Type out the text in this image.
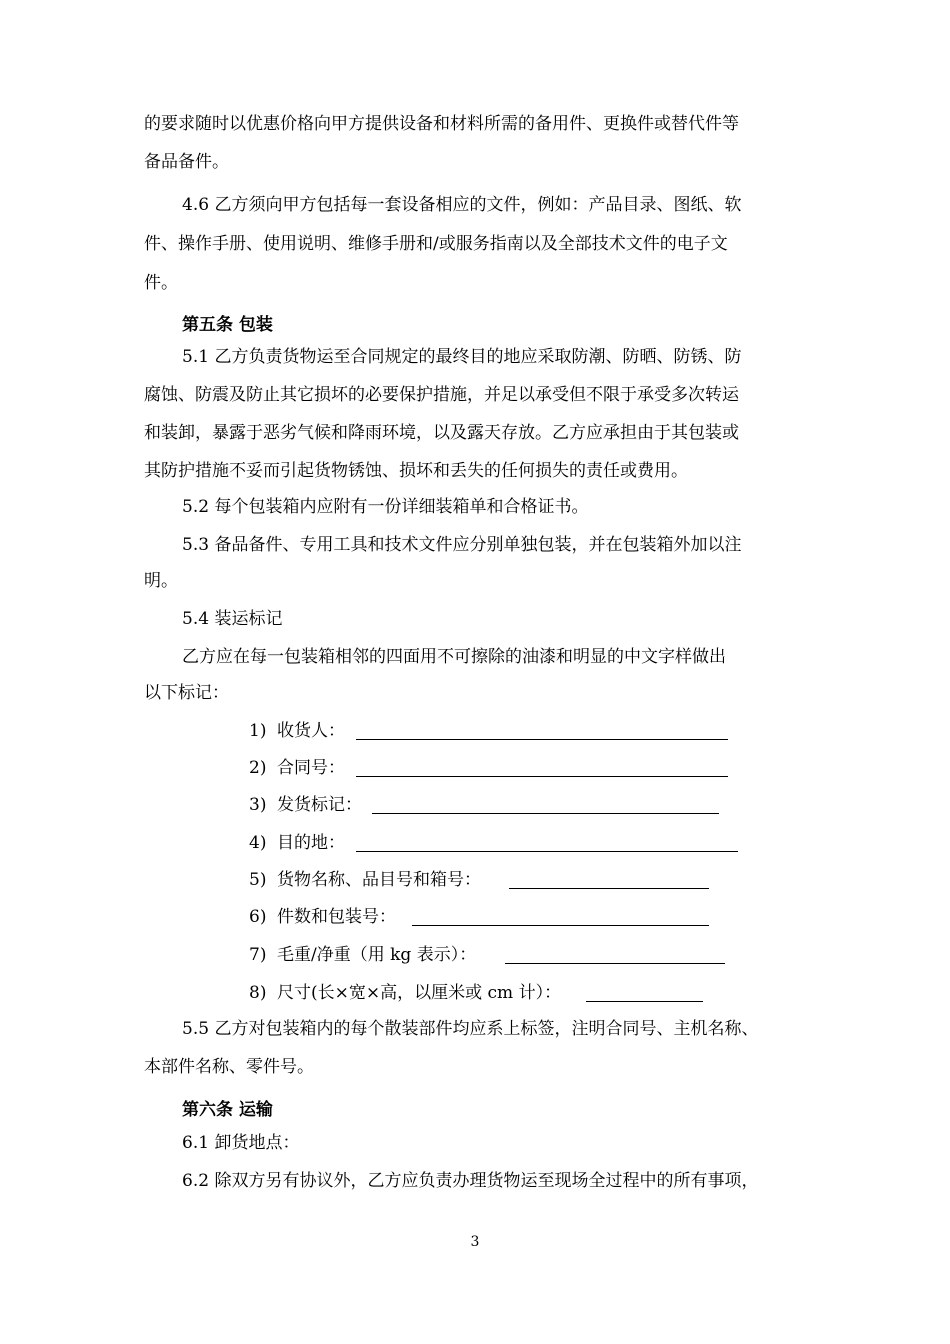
的要求随时以优惠价格向甲方提供设备和材料所需的备用件、更换件或替代件等
备品备件。
4.6 乙方须向甲方包括每一套设备相应的文件，例如：产品目录、图纸、软
件、操作手册、使用说明、维修手册和/或服务指南以及全部技术文件的电子文
件。
第五条 包装
5.1 乙方负责货物运至合同规定的最终目的地应采取防潮、防晒、防锈、防
腐蚀、防震及防止其它损坏的必要保护措施，并足以承受但不限于承受多次转运
和装卸，暴露于恶劣气候和降雨环境，以及露天存放。乙方应承担由于其包装或
其防护措施不妥而引起货物锈蚀、损坏和丢失的任何损失的责任或费用。
5.2 每个包装箱内应附有一份详细装箱单和合格证书。
5.3 备品备件、专用工具和技术文件应分别单独包装，并在包装箱外加以注
明。
5.4 装运标记
乙方应在每一包装箱相邻的四面用不可擦除的油漆和明显的中文字样做出
以下标记：
1) 收货人：
2) 合同号：
3) 发货标记：
4) 目的地：
5) 货物名称、品目号和箱号：
6) 件数和包装号：
7) 毛重/净重（用 kg 表示）：
8) 尺寸(长×宽×高，以厘米或 cm 计）：
5.5 乙方对包装箱内的每个散装部件均应系上标签，注明合同号、主机名称、
本部件名称、零件号。
第六条 运输
6.1 卸货地点：
6.2 除双方另有协议外，乙方应负责办理货物运至现场全过程中的所有事项，
3
